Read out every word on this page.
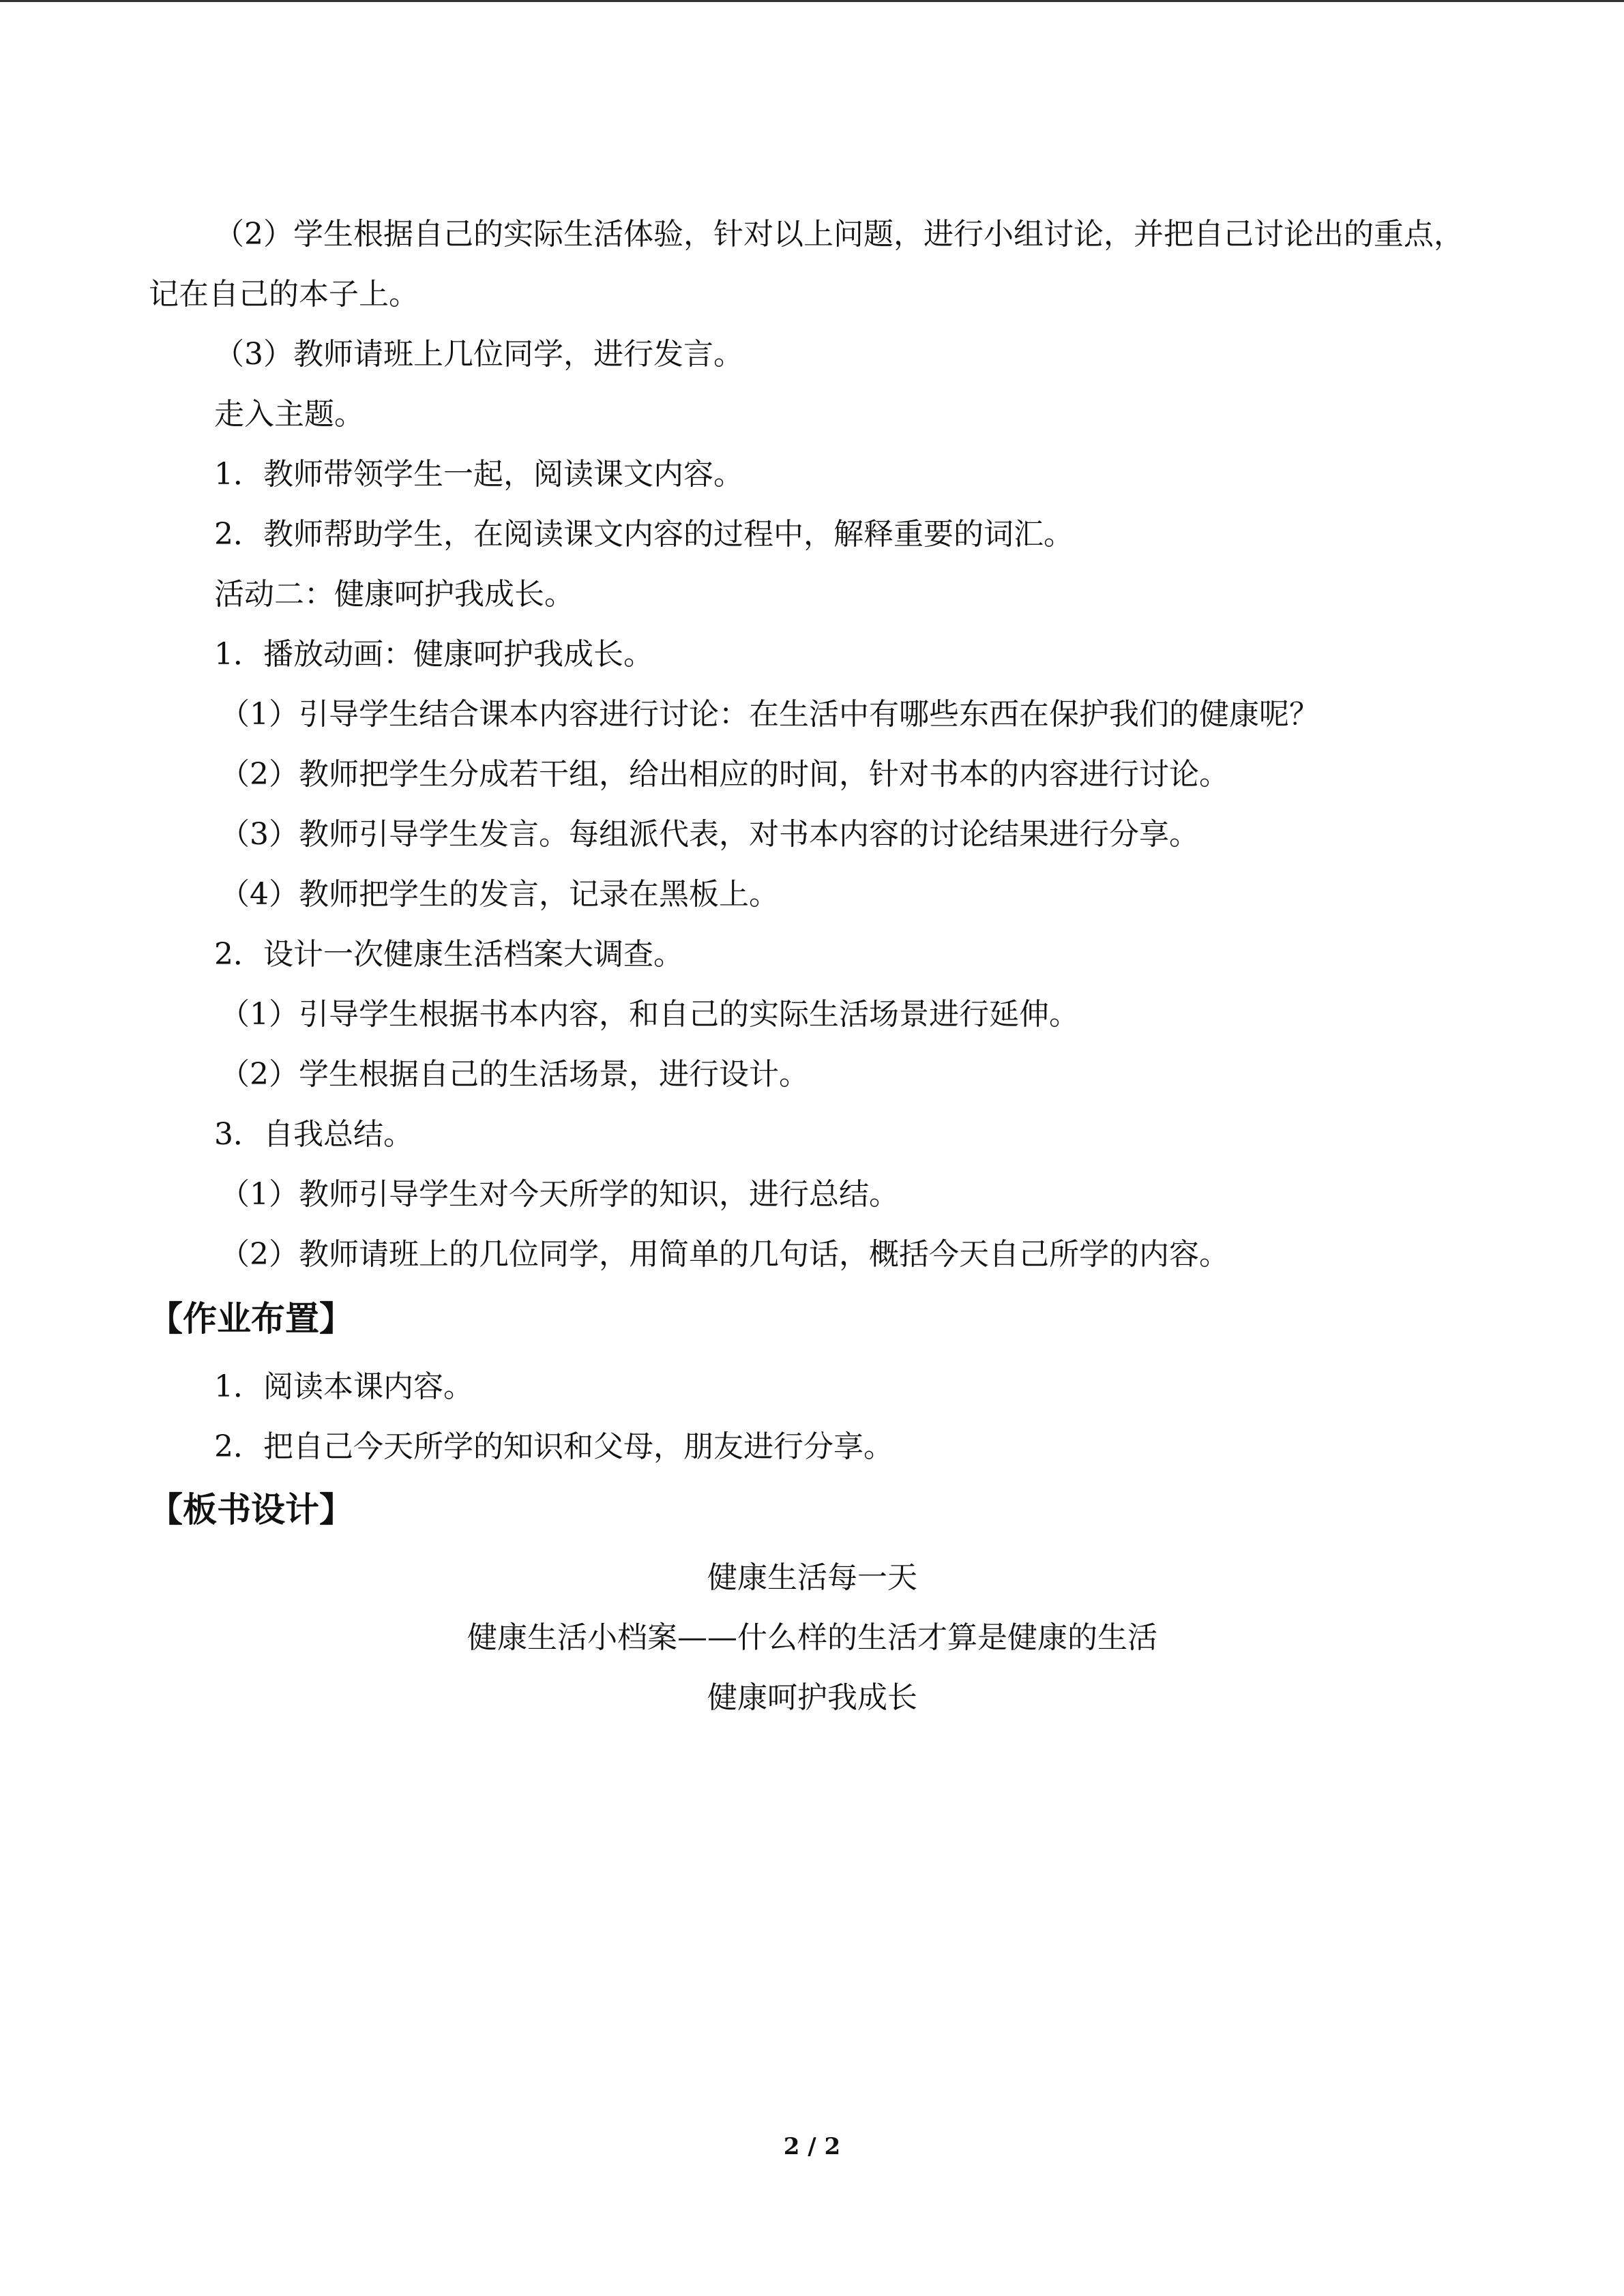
（2）学生根据自己的实际生活体验，针对以上问题，进行小组讨论，并把自己讨论出的重点，记在自己的本子上。
（3）教师请班上几位同学，进行发言。
走入主题。
1．教师带领学生一起，阅读课文内容。
2．教师帮助学生，在阅读课文内容的过程中，解释重要的词汇。
活动二：健康呵护我成长。
1．播放动画：健康呵护我成长。
（1）引导学生结合课本内容进行讨论：在生活中有哪些东西在保护我们的健康呢？
（2）教师把学生分成若干组，给出相应的时间，针对书本的内容进行讨论。
（3）教师引导学生发言。每组派代表，对书本内容的讨论结果进行分享。
（4）教师把学生的发言，记录在黑板上。
2．设计一次健康生活档案大调查。
（1）引导学生根据书本内容，和自己的实际生活场景进行延伸。
（2）学生根据自己的生活场景，进行设计。
3．自我总结。
（1）教师引导学生对今天所学的知识，进行总结。
（2）教师请班上的几位同学，用简单的几句话，概括今天自己所学的内容。
【作业布置】
1．阅读本课内容。
2．把自己今天所学的知识和父母，朋友进行分享。
【板书设计】
健康生活每一天
健康生活小档案——什么样的生活才算是健康的生活
健康呵护我成长
2 / 2
